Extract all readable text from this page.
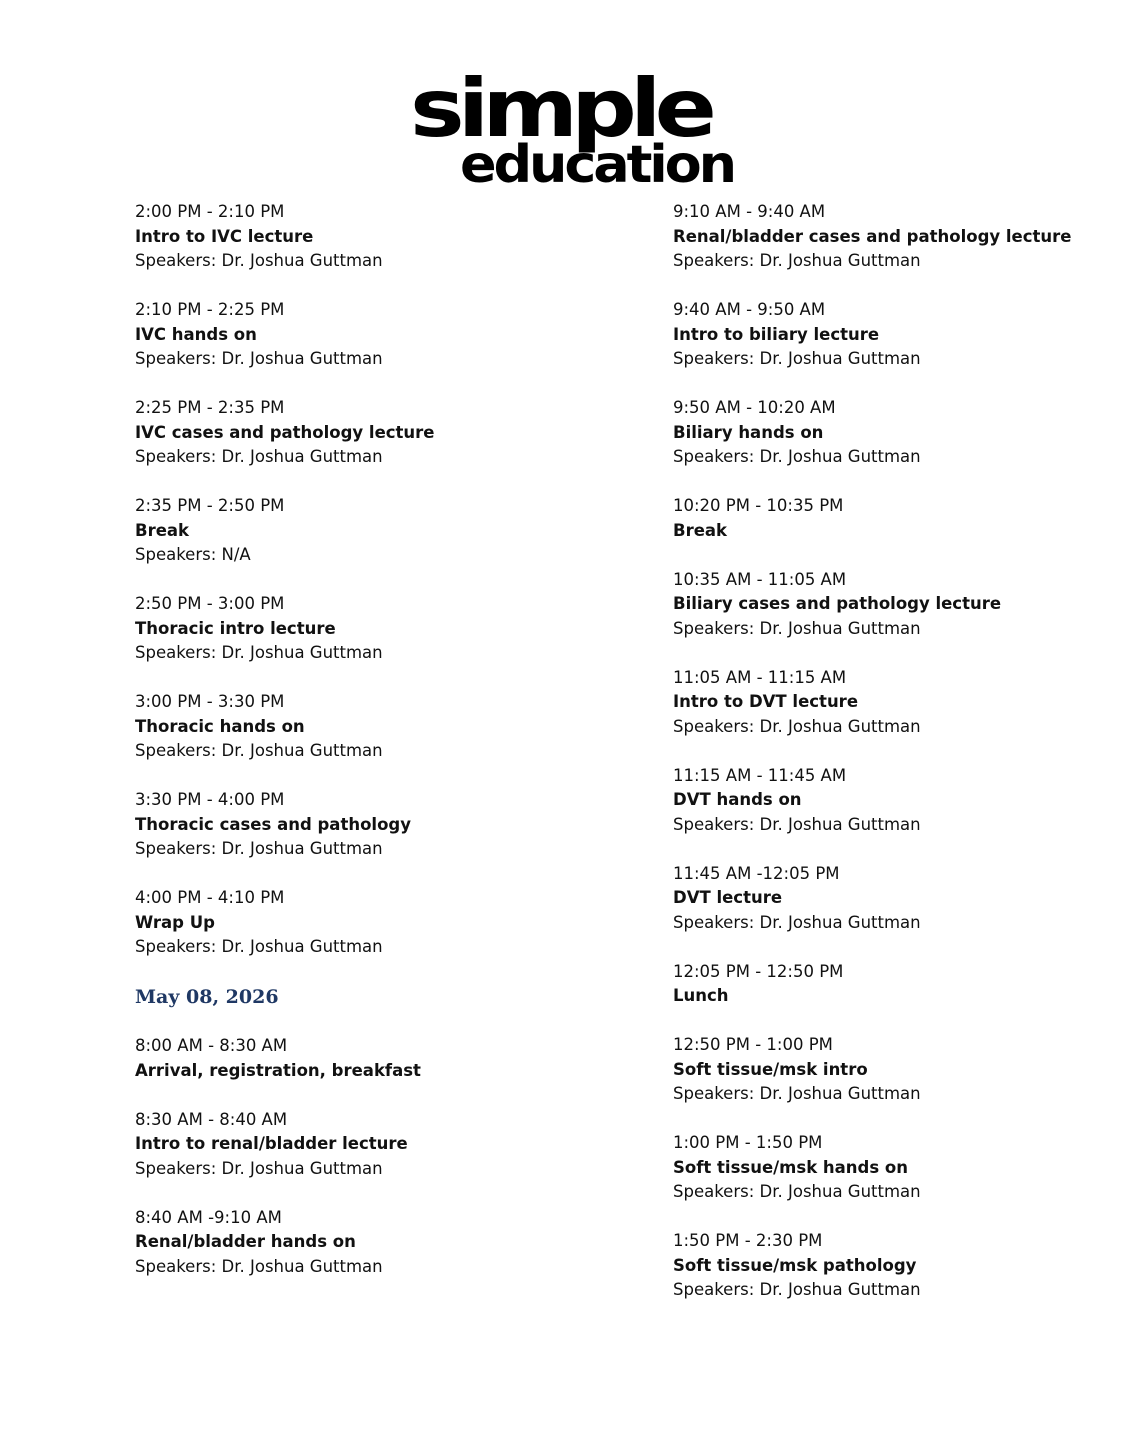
simple
education
2:00 PM - 2:10 PM
Intro to IVC lecture
Speakers: Dr. Joshua Guttman
2:10 PM - 2:25 PM
IVC hands on
Speakers: Dr. Joshua Guttman
2:25 PM - 2:35 PM
IVC cases and pathology lecture
Speakers: Dr. Joshua Guttman
2:35 PM - 2:50 PM
Break
Speakers: N/A
2:50 PM - 3:00 PM
Thoracic intro lecture
Speakers: Dr. Joshua Guttman
3:00 PM - 3:30 PM
Thoracic hands on
Speakers: Dr. Joshua Guttman
3:30 PM - 4:00 PM
Thoracic cases and pathology
Speakers: Dr. Joshua Guttman
4:00 PM - 4:10 PM
Wrap Up
Speakers: Dr. Joshua Guttman
May 08, 2026
8:00 AM - 8:30 AM
Arrival, registration, breakfast
8:30 AM - 8:40 AM
Intro to renal/bladder lecture
Speakers: Dr. Joshua Guttman
8:40 AM -9:10 AM
Renal/bladder hands on
Speakers: Dr. Joshua Guttman
9:10 AM - 9:40 AM
Renal/bladder cases and pathology lecture
Speakers: Dr. Joshua Guttman
9:40 AM - 9:50 AM
Intro to biliary lecture
Speakers: Dr. Joshua Guttman
9:50 AM - 10:20 AM
Biliary hands on
Speakers: Dr. Joshua Guttman
10:20 PM - 10:35 PM
Break
10:35 AM - 11:05 AM
Biliary cases and pathology lecture
Speakers: Dr. Joshua Guttman
11:05 AM - 11:15 AM
Intro to DVT lecture
Speakers: Dr. Joshua Guttman
11:15 AM - 11:45 AM
DVT hands on
Speakers: Dr. Joshua Guttman
11:45 AM -12:05 PM
DVT lecture
Speakers: Dr. Joshua Guttman
12:05 PM - 12:50 PM
Lunch
12:50 PM - 1:00 PM
Soft tissue/msk intro
Speakers: Dr. Joshua Guttman
1:00 PM - 1:50 PM
Soft tissue/msk hands on
Speakers: Dr. Joshua Guttman
1:50 PM - 2:30 PM
Soft tissue/msk pathology
Speakers: Dr. Joshua Guttman
